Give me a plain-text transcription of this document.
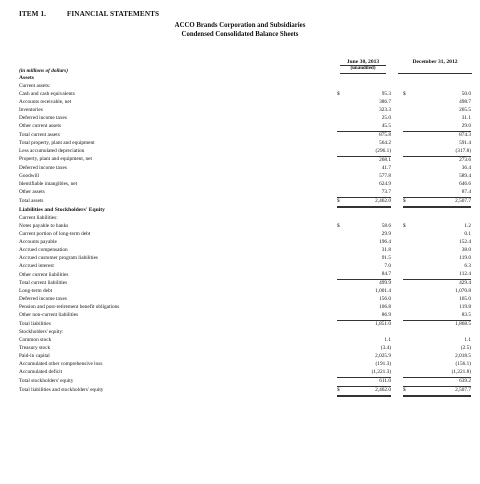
ITEM 1.	FINANCIAL STATEMENTS
ACCO Brands Corporation and Subsidiaries
Condensed Consolidated Balance Sheets
June 30, 2013
(unaudited)
December 31, 2012
(in millions of dollars)
Assets					
Current assets:					
Cash and cash equivalents	$	95.3		$	50.0
Accounts receivable, net		386.7			498.7
Inventories		323.3			265.5
Deferred income taxes		25.0			31.1
Other current assets		45.5			29.0
Total current assets		875.8			874.3
Total property, plant and equipment		564.2			591.4
Less accumulated depreciation		(296.1)			(317.8)
Property, plant and equipment, net		268.1			273.6
Deferred income taxes		41.7			36.4
Goodwill		577.8			589.4
Identifiable intangibles, net		624.9			646.6
Other assets		73.7			87.4
Total assets	$	2,462.0		$	2,507.7
Liabilities and Stockholders' Equity					
Current liabilities:					
Notes payable to banks	$	58.6		$	1.2
Current portion of long-term debt		29.9			0.1
Accounts payable		196.4			152.4
Accrued compensation		31.8			38.0
Accrued customer program liabilities		91.5			119.0
Accrued interest		7.0			6.3
Other current liabilities		84.7			112.4
Total current liabilities		499.9			429.4
Long-term debt		1,001.4			1,070.8
Deferred income taxes		156.0			165.0
Pension and post-retirement benefit obligations		106.8			119.8
Other non-current liabilities		86.9			83.5
Total liabilities		1,851.0			1,868.5
Stockholders' equity:					
Common stock		1.1			1.1
Treasury stock		(3.4)			(2.5)
Paid-in capital		2,025.9			2,018.5
Accumulated other comprehensive loss		(191.3)			(156.1)
Accumulated deficit		(1,221.3)			(1,221.8)
Total stockholders' equity		611.0			639.2
Total liabilities and stockholders' equity	$	2,462.0		$	2,507.7
